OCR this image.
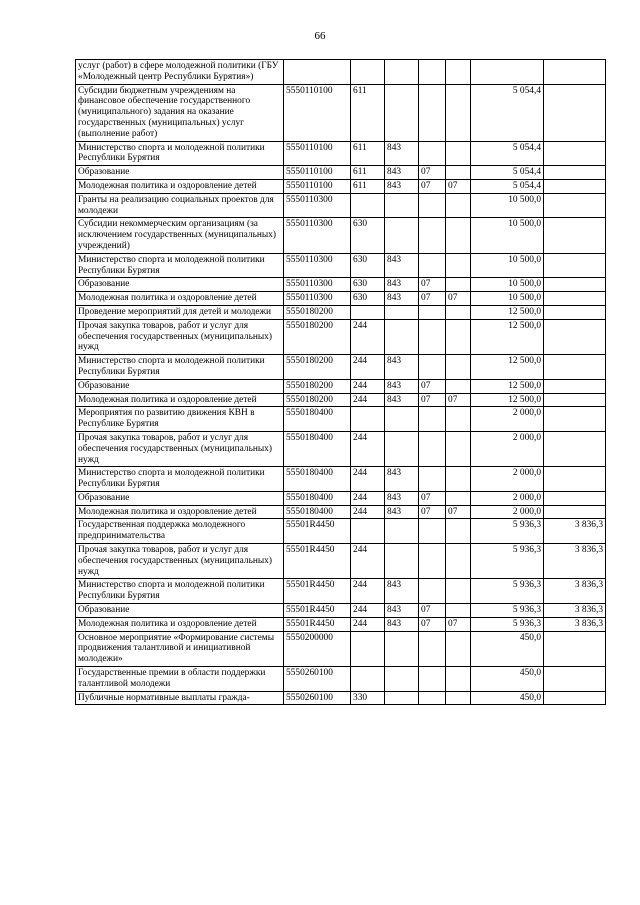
66
услуг (работ) в сфере молодежной политики (ГБУ «Молодежный центр Республики Бурятия»)							
Субсидии бюджетным учреждениям на финансовое обеспечение государственного (муниципального) задания на оказание государственных (муниципальных) услуг (выполнение работ)	5550110100	611				5 054,4	
Министерство спорта и молодежной политики Республики Бурятия	5550110100	611	843			5 054,4	
Образование	5550110100	611	843	07		5 054,4	
Молодежная политика и оздоровление детей	5550110100	611	843	07	07	5 054,4	
Гранты на реализацию социальных проектов для молодежи	5550110300					10 500,0	
Субсидии некоммерческим организациям (за исключением государственных (муниципальных) учреждений)	5550110300	630				10 500,0	
Министерство спорта и молодежной политики Республики Бурятия	5550110300	630	843			10 500,0	
Образование	5550110300	630	843	07		10 500,0	
Молодежная политика и оздоровление детей	5550110300	630	843	07	07	10 500,0	
Проведение мероприятий для детей и молодежи	5550180200					12 500,0	
Прочая закупка товаров, работ и услуг для обеспечения государственных (муниципальных) нужд	5550180200	244				12 500,0	
Министерство спорта и молодежной политики Республики Бурятия	5550180200	244	843			12 500,0	
Образование	5550180200	244	843	07		12 500,0	
Молодежная политика и оздоровление детей	5550180200	244	843	07	07	12 500,0	
Мероприятия по развитию движения КВН в Республике Бурятия	5550180400					2 000,0	
Прочая закупка товаров, работ и услуг для обеспечения государственных (муниципальных) нужд	5550180400	244				2 000,0	
Министерство спорта и молодежной политики Республики Бурятия	5550180400	244	843			2 000,0	
Образование	5550180400	244	843	07		2 000,0	
Молодежная политика и оздоровление детей	5550180400	244	843	07	07	2 000,0	
Государственная поддержка молодежного предпринимательства	55501R4450					5 936,3	3 836,3
Прочая закупка товаров, работ и услуг для обеспечения государственных (муниципальных) нужд	55501R4450	244				5 936,3	3 836,3
Министерство спорта и молодежной политики Республики Бурятия	55501R4450	244	843			5 936,3	3 836,3
Образование	55501R4450	244	843	07		5 936,3	3 836,3
Молодежная политика и оздоровление детей	55501R4450	244	843	07	07	5 936,3	3 836,3
Основное мероприятие «Формирование системы продвижения талантливой и инициативной молодежи»	5550200000					450,0	
Государственные премии в области поддержки талантливой молодежи	5550260100					450,0	
Публичные нормативные выплаты гражда-	5550260100	330				450,0	
